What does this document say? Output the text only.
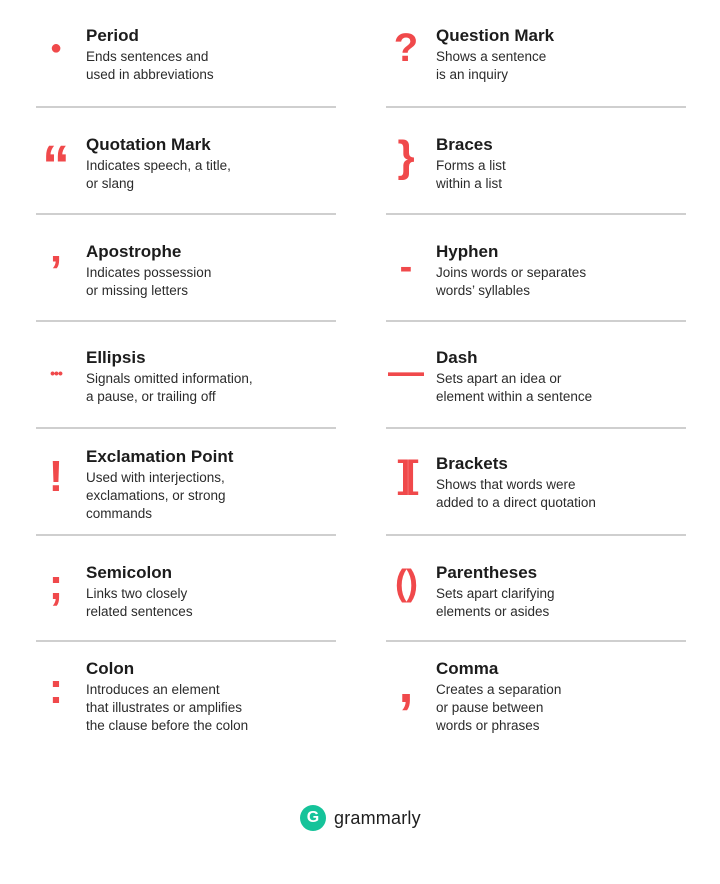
●
Period
Ends sentences and
used in abbreviations
?	Question Mark
Shows a sentence
is an inquiry
“ Quotation Mark
Indicates speech, a title,
or slang
}	Braces
Forms a list
within a list
’	Apostrophe
Indicates possession
or missing letters
-	Hyphen
Joins words or separates
words’ syllables
•••
Ellipsis
Signals omitted information,
a pause, or trailing off
— Dash
Sets apart an idea or
element within a sentence
!	Exclamation Point
Used with interjections,
exclamations, or strong
commands
][	Brackets
Shows that words were
added to a direct quotation
;	Semicolon
Links two closely
related sentences
()	Parentheses
Sets apart clarifying
elements or asides
:	Colon
Introduces an element
that illustrates or amplifies
the clause before the colon
,	Comma
Creates a separation
or pause between
words or phrases
G
grammarly
